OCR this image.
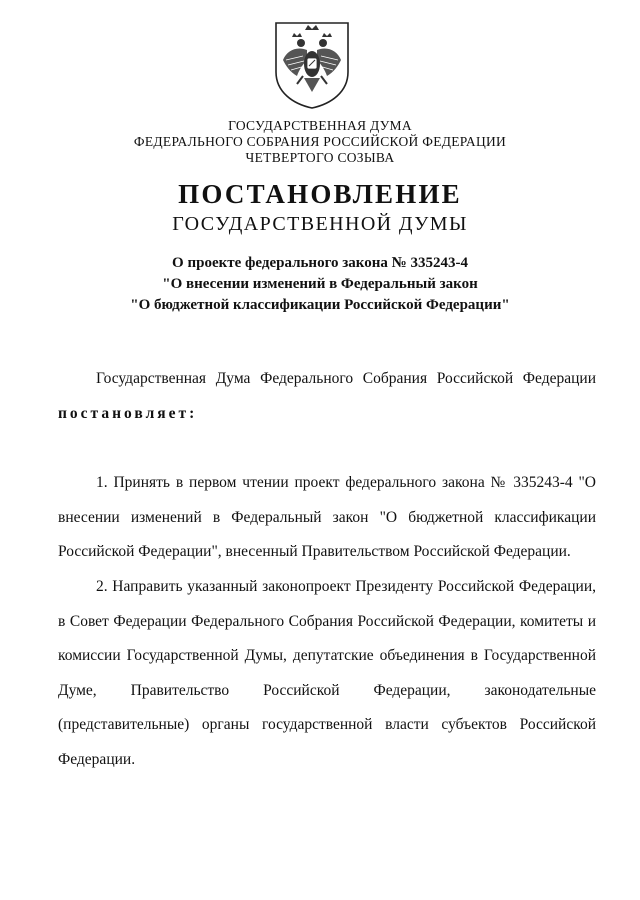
ГОСУДАРСТВЕННАЯ ДУМА
ФЕДЕРАЛЬНОГО СОБРАНИЯ РОССИЙСКОЙ ФЕДЕРАЦИИ
ЧЕТВЕРТОГО СОЗЫВА
ПОСТАНОВЛЕНИЕ
ГОСУДАРСТВЕННОЙ ДУМЫ
О проекте федерального закона № 335243-4
"О внесении изменений в Федеральный закон
"О бюджетной классификации Российской Федерации"

Государственная Дума Федерального Собрания Российской Федерации постановляет:

1. Принять в первом чтении проект федерального закона № 335243-4 "О внесении изменений в Федеральный закон "О бюджетной классификации Российской Федерации", внесенный Правительством Российской Федерации.

2. Направить указанный законопроект Президенту Российской Федерации, в Совет Федерации Федерального Собрания Российской Федерации, комитеты и комиссии Государственной Думы, депутатские объединения в Государственной Думе, Правительство Российской Федерации, законодательные (представительные) органы государственной власти субъектов Российской Федерации.
